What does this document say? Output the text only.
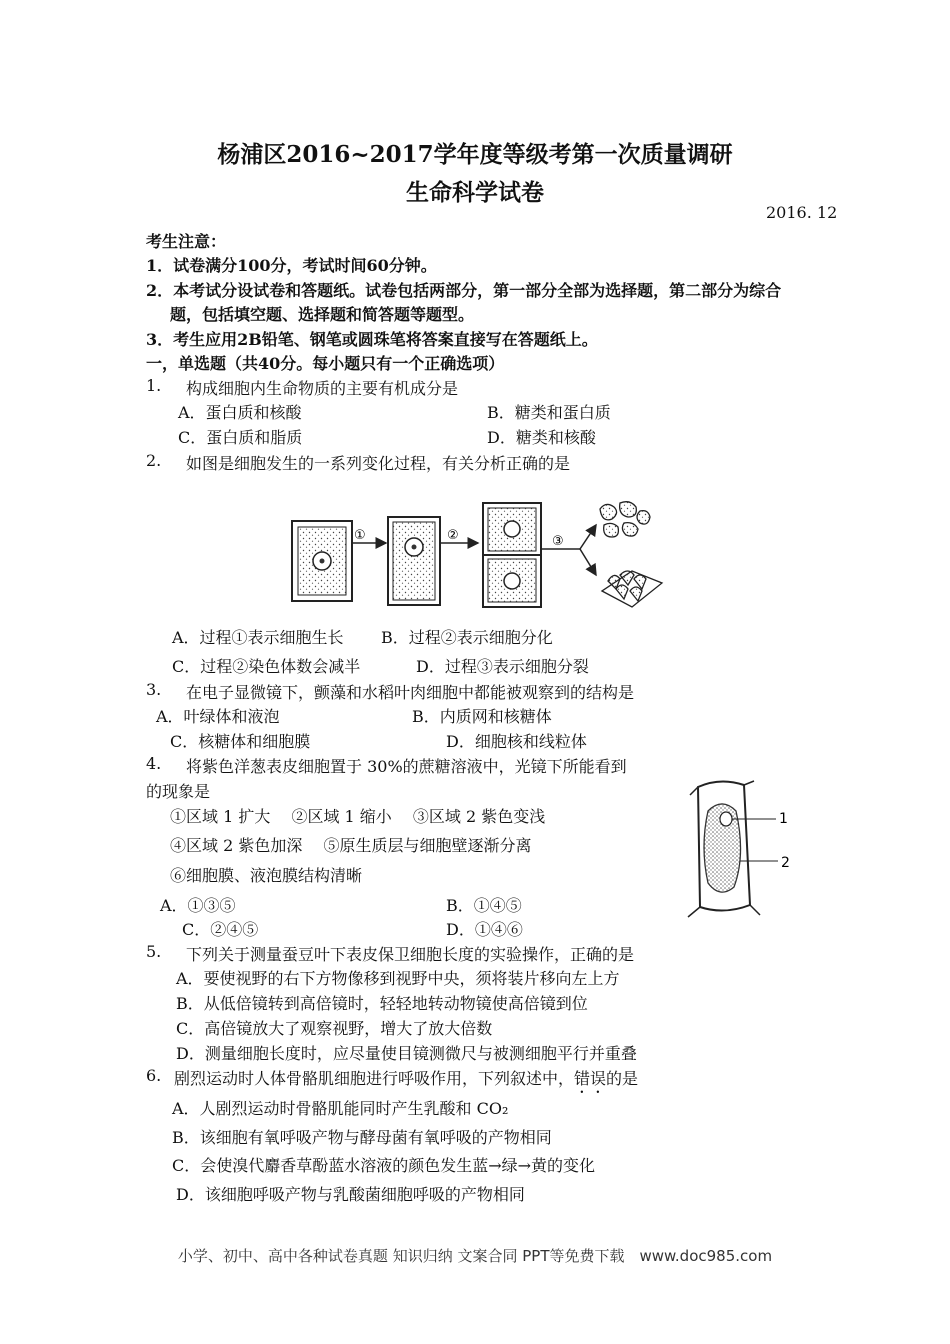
杨浦区2016~2017学年度等级考第一次质量调研
生命科学试卷
2016. 12
考生注意：
1．试卷满分100分，考试时间60分钟。
2．本考试分设试卷和答题纸。试卷包括两部分，第一部分全部为选择题，第二部分为综合
题，包括填空题、选择题和简答题等题型。
3．考生应用2B铅笔、钢笔或圆珠笔将答案直接写在答题纸上。
一，单选题（共40分。每小题只有一个正确选项）
1. 构成细胞内生命物质的主要有机成分是
A．蛋白质和核酸	B．糖类和蛋白质
C．蛋白质和脂质	D．糖类和核酸
2. 如图是细胞发生的一系列变化过程，有关分析正确的是
①	②	③
A．过程①表示细胞生长 B．过程②表示细胞分化
C．过程②染色体数会减半	D．过程③表示细胞分裂
3. 在电子显微镜下，颤藻和水稻叶肉细胞中都能被观察到的结构是
A．叶绿体和液泡	B．内质网和核糖体
C．核糖体和细胞膜	D．细胞核和线粒体
4. 将紫色洋葱表皮细胞置于 30%的蔗糖溶液中，光镜下所能看到
的现象是
①区域 1 扩大　 ②区域 1 缩小　 ③区域 2 紫色变浅
④区域 2 紫色加深　 ⑤原生质层与细胞壁逐渐分离
⑥细胞膜、液泡膜结构清晰
A．①③⑤	B．①④⑤
C．②④⑤	D．①④⑥
1
2
5. 下列关于测量蚕豆叶下表皮保卫细胞长度的实验操作，正确的是
A．要使视野的右下方物像移到视野中央，须将装片移向左上方
B．从低倍镜转到高倍镜时，轻轻地转动物镜使高倍镜到位
C．高倍镜放大了观察视野，增大了放大倍数
D．测量细胞长度时，应尽量使目镜测微尺与被测细胞平行并重叠
6. 剧烈运动时人体骨骼肌细胞进行呼吸作用，下列叙述中，错误的是
A．人剧烈运动时骨骼肌能同时产生乳酸和 CO₂
B．该细胞有氧呼吸产物与酵母菌有氧呼吸的产物相同
C．会使溴代麝香草酚蓝水溶液的颜色发生蓝→绿→黄的变化
D．该细胞呼吸产物与乳酸菌细胞呼吸的产物相同
小学、初中、高中各种试卷真题 知识归纳 文案合同 PPT等免费下载　www.doc985.com
